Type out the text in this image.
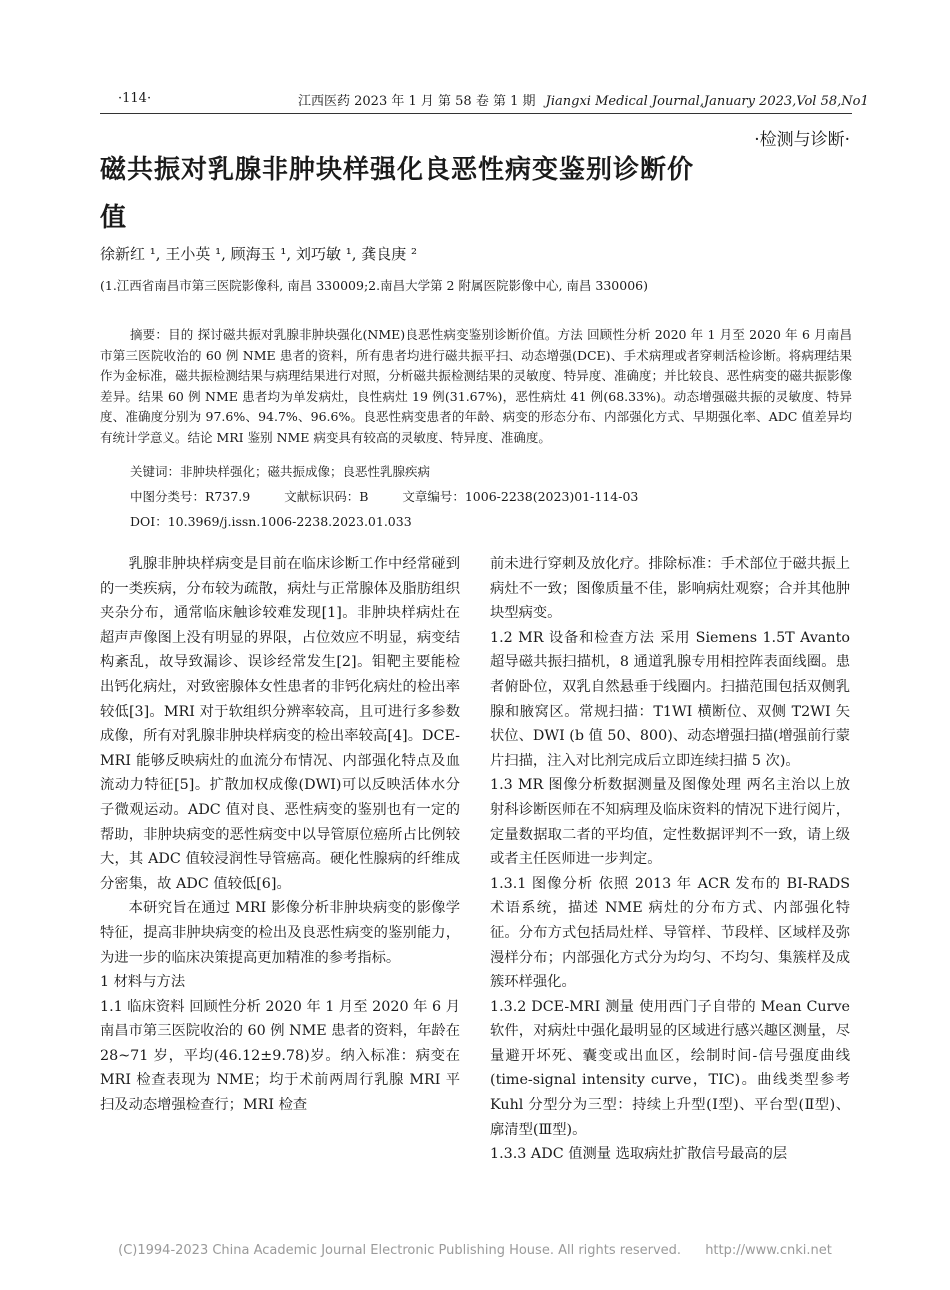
·114·	江西医药 2023 年 1 月 第 58 卷 第 1 期 Jiangxi Medical Journal,January 2023,Vol 58,No1
·检测与诊断·
磁共振对乳腺非肿块样强化良恶性病变鉴别诊断价值
徐新红 ¹, 王小英 ¹, 顾海玉 ¹, 刘巧敏 ¹, 龚良庚 ²
(1.江西省南昌市第三医院影像科, 南昌 330009;2.南昌大学第 2 附属医院影像中心, 南昌 330006)
摘要：目的 探讨磁共振对乳腺非肿块强化(NME)良恶性病变鉴别诊断价值。方法 回顾性分析 2020 年 1 月至 2020 年 6 月南昌市第三医院收治的 60 例 NME 患者的资料，所有患者均进行磁共振平扫、动态增强(DCE)、手术病理或者穿刺活检诊断。将病理结果作为金标准，磁共振检测结果与病理结果进行对照，分析磁共振检测结果的灵敏度、特异度、准确度；并比较良、恶性病变的磁共振影像差异。结果 60 例 NME 患者均为单发病灶，良性病灶 19 例(31.67%)，恶性病灶 41 例(68.33%)。动态增强磁共振的灵敏度、特异度、准确度分别为 97.6%、94.7%、96.6%。良恶性病变患者的年龄、病变的形态分布、内部强化方式、早期强化率、ADC 值差异均有统计学意义。结论 MRI 鉴别 NME 病变具有较高的灵敏度、特异度、准确度。
关键词：非肿块样强化；磁共振成像；良恶性乳腺疾病
中图分类号：R737.9	文献标识码：B	文章编号：1006-2238(2023)01-114-03
DOI：10.3969/j.issn.1006-2238.2023.01.033

乳腺非肿块样病变是目前在临床诊断工作中经常碰到的一类疾病，分布较为疏散，病灶与正常腺体及脂肪组织夹杂分布，通常临床触诊较难发现[1]。非肿块样病灶在超声声像图上没有明显的界限，占位效应不明显，病变结构紊乱，故导致漏诊、误诊经常发生[2]。钼靶主要能检出钙化病灶，对致密腺体女性患者的非钙化病灶的检出率较低[3]。MRI 对于软组织分辨率较高，且可进行多参数成像，所有对乳腺非肿块样病变的检出率较高[4]。DCE-MRI 能够反映病灶的血流分布情况、内部强化特点及血流动力特征[5]。扩散加权成像(DWI)可以反映活体水分子微观运动。ADC 值对良、恶性病变的鉴别也有一定的帮助，非肿块病变的恶性病变中以导管原位癌所占比例较大，其 ADC 值较浸润性导管癌高。硬化性腺病的纤维成分密集，故 ADC 值较低[6]。

本研究旨在通过 MRI 影像分析非肿块病变的影像学特征，提高非肿块病变的检出及良恶性病变的鉴别能力，为进一步的临床决策提高更加精准的参考指标。

1 材料与方法

1.1 临床资料 回顾性分析 2020 年 1 月至 2020 年 6 月南昌市第三医院收治的 60 例 NME 患者的资料，年龄在 28~71 岁，平均(46.12±9.78)岁。纳入标准：病变在 MRI 检查表现为 NME；均于术前两周行乳腺 MRI 平扫及动态增强检查行；MRI 检查

前未进行穿刺及放化疗。排除标准：手术部位于磁共振上病灶不一致；图像质量不佳，影响病灶观察；合并其他肿块型病变。

1.2 MR 设备和检查方法 采用 Siemens 1.5T Avanto 超导磁共振扫描机，8 通道乳腺专用相控阵表面线圈。患者俯卧位，双乳自然悬垂于线圈内。扫描范围包括双侧乳腺和腋窝区。常规扫描：T1WI 横断位、双侧 T2WI 矢状位、DWI (b 值 50、800)、动态增强扫描(增强前行蒙片扫描，注入对比剂完成后立即连续扫描 5 次)。

1.3 MR 图像分析数据测量及图像处理 两名主治以上放射科诊断医师在不知病理及临床资料的情况下进行阅片，定量数据取二者的平均值，定性数据评判不一致，请上级或者主任医师进一步判定。

1.3.1 图像分析 依照 2013 年 ACR 发布的 BI-RADS 术语系统，描述 NME 病灶的分布方式、内部强化特征。分布方式包括局灶样、导管样、节段样、区域样及弥漫样分布；内部强化方式分为均匀、不均匀、集簇样及成簇环样强化。

1.3.2 DCE-MRI 测量 使用西门子自带的 Mean Curve 软件，对病灶中强化最明显的区域进行感兴趣区测量，尽量避开坏死、囊变或出血区，绘制时间-信号强度曲线 (time-signal intensity curve，TIC)。曲线类型参考 Kuhl 分型分为三型：持续上升型(Ⅰ型)、平台型(Ⅱ型)、廓清型(Ⅲ型)。

1.3.3 ADC 值测量 选取病灶扩散信号最高的层

(C)1994-2023 China Academic Journal Electronic Publishing House. All rights reserved. http://www.cnki.net
